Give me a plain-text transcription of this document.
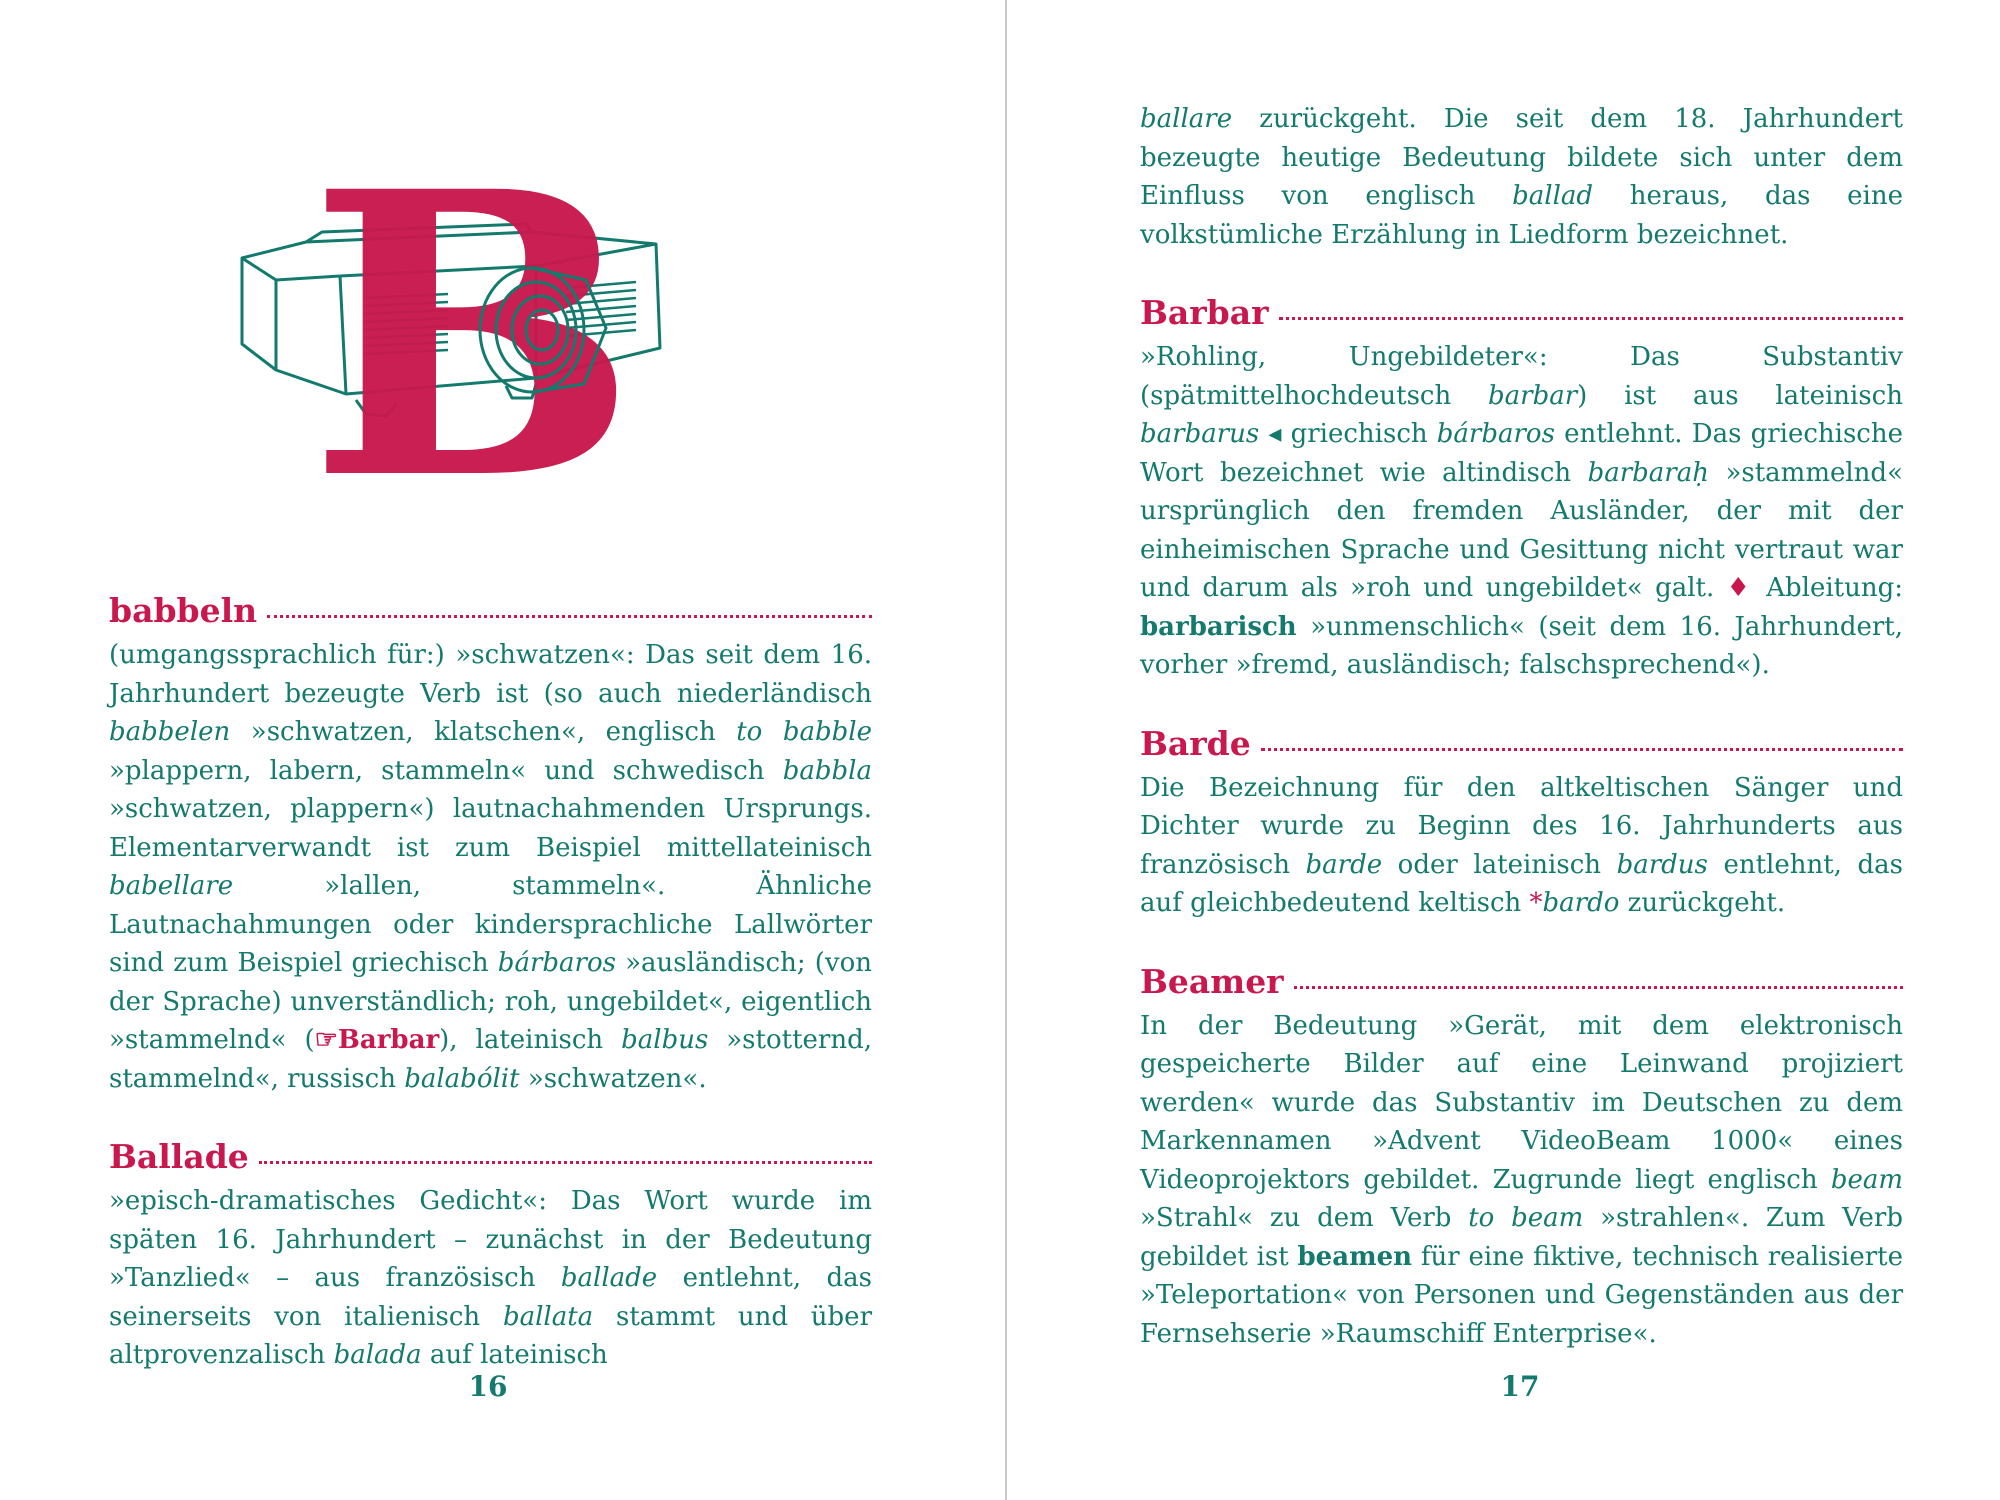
B
babbeln

(umgangssprachlich für:) »schwatzen«: Das seit dem 16. Jahrhundert bezeugte Verb ist (so auch niederländisch babbelen »schwatzen, klatschen«, englisch to babble »plappern, labern, stammeln« und schwedisch babbla »schwatzen, plappern«) lautnachahmenden Ursprungs. Elementarverwandt ist zum Beispiel mittellateinisch babellare »lallen, stammeln«. Ähnliche Lautnachahmungen oder kindersprachliche Lallwörter sind zum Beispiel griechisch bárbaros »ausländisch; (von der Sprache) unverständlich; roh, ungebildet«, eigentlich »stammelnd« (☞Barbar), lateinisch balbus »stotternd, stammelnd«, russisch balabólit »schwatzen«.

Ballade

»episch-dramatisches Gedicht«: Das Wort wurde im späten 16. Jahrhundert – zunächst in der Bedeutung »Tanzlied« – aus französisch ballade entlehnt, das seinerseits von italienisch ballata stammt und über altprovenzalisch balada auf lateinisch

16

ballare zurückgeht. Die seit dem 18. Jahrhundert bezeugte heutige Bedeutung bildete sich unter dem Einfluss von englisch ballad heraus, das eine volkstümliche Erzählung in Liedform bezeichnet.

Barbar

»Rohling, Ungebildeter«: Das Substantiv (spätmittelhochdeutsch barbar) ist aus lateinisch barbarus ◂ griechisch bárbaros entlehnt. Das griechische Wort bezeichnet wie altindisch barbaraḥ »stammelnd« ursprünglich den fremden Ausländer, der mit der einheimischen Sprache und Gesittung nicht vertraut war und darum als »roh und ungebildet« galt. ♦ Ableitung: barbarisch »unmenschlich« (seit dem 16. Jahrhundert, vorher »fremd, ausländisch; falschsprechend«).

Barde

Die Bezeichnung für den altkeltischen Sänger und Dichter wurde zu Beginn des 16. Jahrhunderts aus französisch barde oder lateinisch bardus entlehnt, das auf gleichbedeutend keltisch *bardo zurückgeht.

Beamer

In der Bedeutung »Gerät, mit dem elektronisch gespeicherte Bilder auf eine Leinwand projiziert werden« wurde das Substantiv im Deutschen zu dem Markennamen »Advent VideoBeam 1000« eines Videoprojektors gebildet. Zugrunde liegt englisch beam »Strahl« zu dem Verb to beam »strahlen«. Zum Verb gebildet ist beamen für eine fiktive, technisch realisierte »Teleportation« von Personen und Gegenständen aus der Fernsehserie »Raumschiff Enterprise«.

17
